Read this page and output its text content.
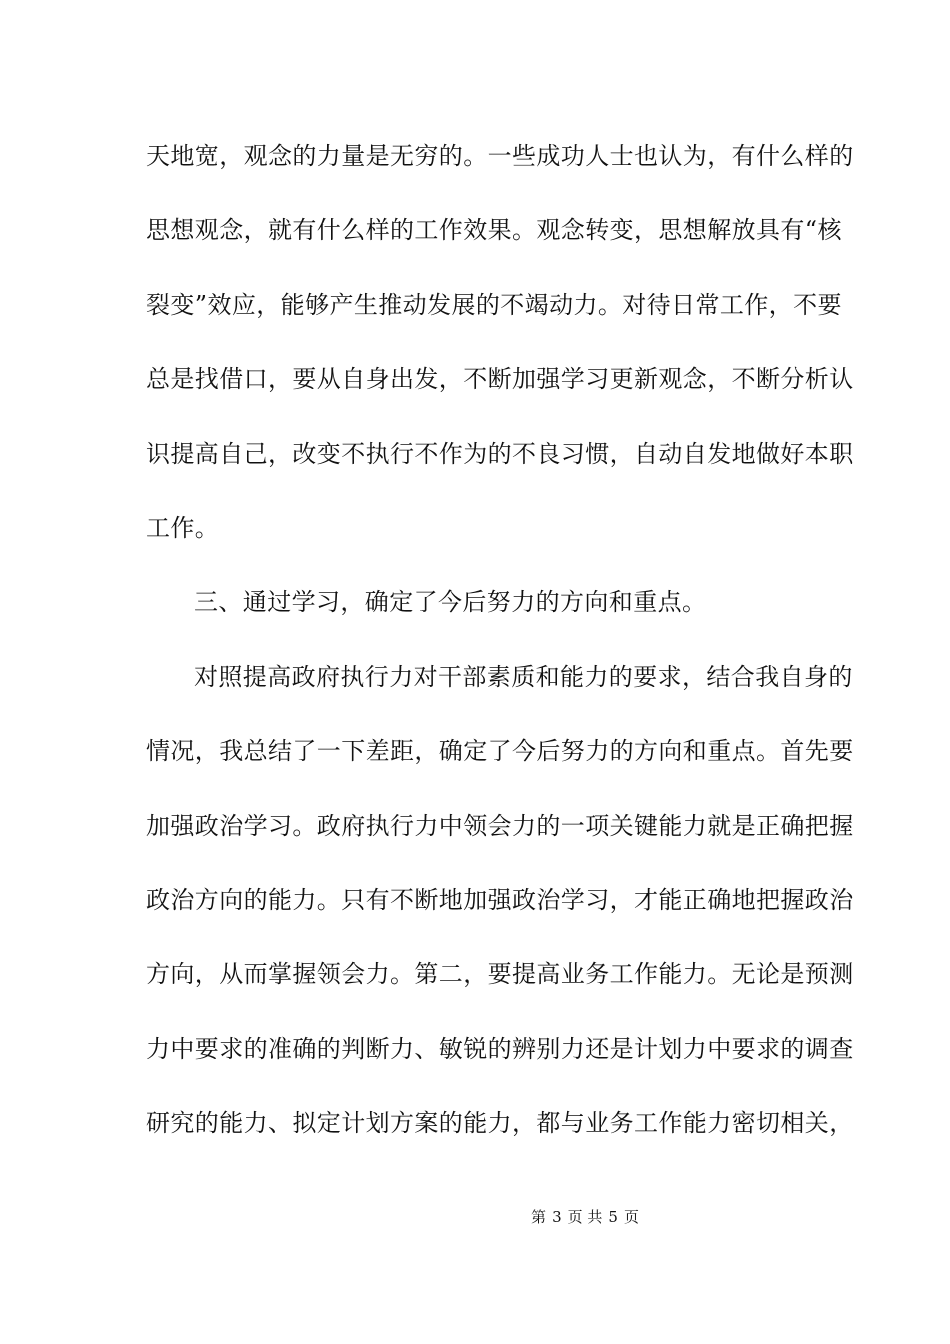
天地宽，观念的力量是无穷的。一些成功人士也认为，有什么样的
思想观念，就有什么样的工作效果。观念转变，思想解放具有“核
裂变”效应，能够产生推动发展的不竭动力。对待日常工作，不要
总是找借口，要从自身出发，不断加强学习更新观念，不断分析认
识提高自己，改变不执行不作为的不良习惯，自动自发地做好本职
工作。
三、通过学习，确定了今后努力的方向和重点。
对照提高政府执行力对干部素质和能力的要求，结合我自身的
情况，我总结了一下差距，确定了今后努力的方向和重点。首先要
加强政治学习。政府执行力中领会力的一项关键能力就是正确把握
政治方向的能力。只有不断地加强政治学习，才能正确地把握政治
方向，从而掌握领会力。第二，要提高业务工作能力。无论是预测
力中要求的准确的判断力、敏锐的辨别力还是计划力中要求的调查
研究的能力、拟定计划方案的能力，都与业务工作能力密切相关，
第 3 页 共 5 页
